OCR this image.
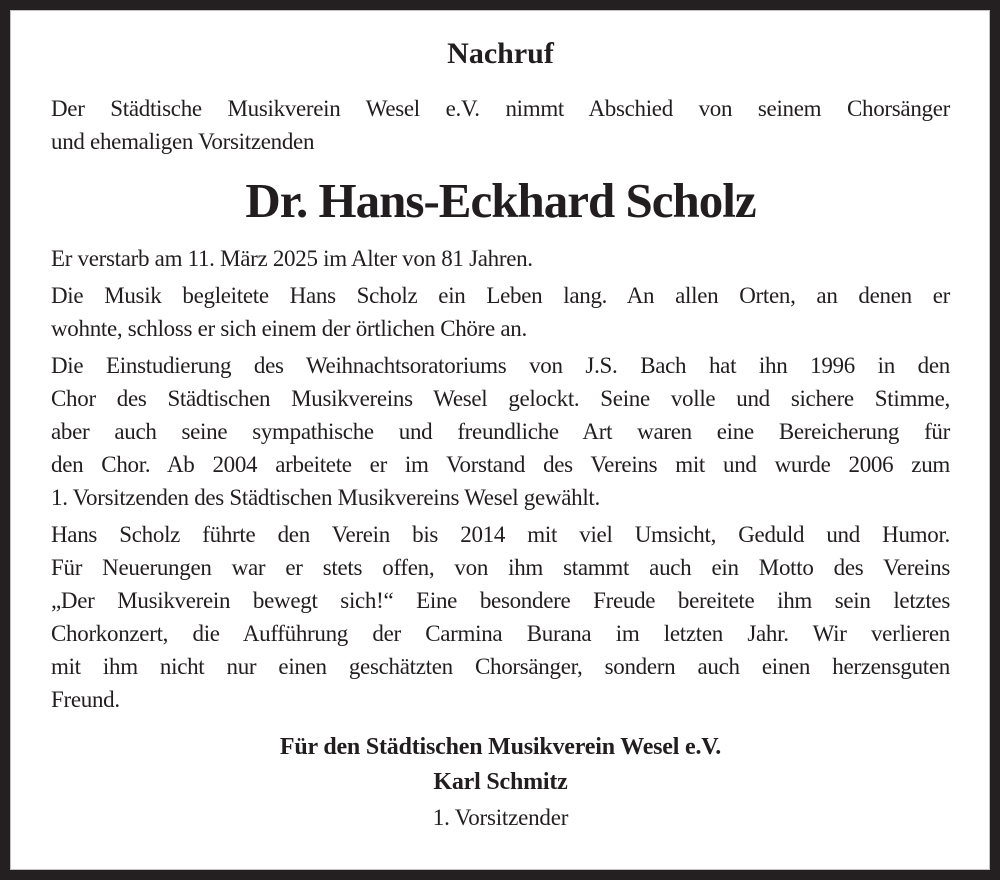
Nachruf
Der Städtische Musikverein Wesel e.V. nimmt Abschied von seinem Chorsänger
und ehemaligen Vorsitzenden
Dr. Hans-Eckhard Scholz
Er verstarb am 11. März 2025 im Alter von 81 Jahren.
Die Musik begleitete Hans Scholz ein Leben lang. An allen Orten, an denen er
wohnte, schloss er sich einem der örtlichen Chöre an.
Die Einstudierung des Weihnachtsoratoriums von J.S. Bach hat ihn 1996 in den
Chor des Städtischen Musikvereins Wesel gelockt. Seine volle und sichere Stimme,
aber auch seine sympathische und freundliche Art waren eine Bereicherung für
den Chor. Ab 2004 arbeitete er im Vorstand des Vereins mit und wurde 2006 zum
1. Vorsitzenden des Städtischen Musikvereins Wesel gewählt.
Hans Scholz führte den Verein bis 2014 mit viel Umsicht, Geduld und Humor.
Für Neuerungen war er stets offen, von ihm stammt auch ein Motto des Vereins
„Der Musikverein bewegt sich!“ Eine besondere Freude bereitete ihm sein letztes
Chorkonzert, die Aufführung der Carmina Burana im letzten Jahr. Wir verlieren
mit ihm nicht nur einen geschätzten Chorsänger, sondern auch einen herzensguten
Freund.
Für den Städtischen Musikverein Wesel e.V.
Karl Schmitz
1. Vorsitzender
